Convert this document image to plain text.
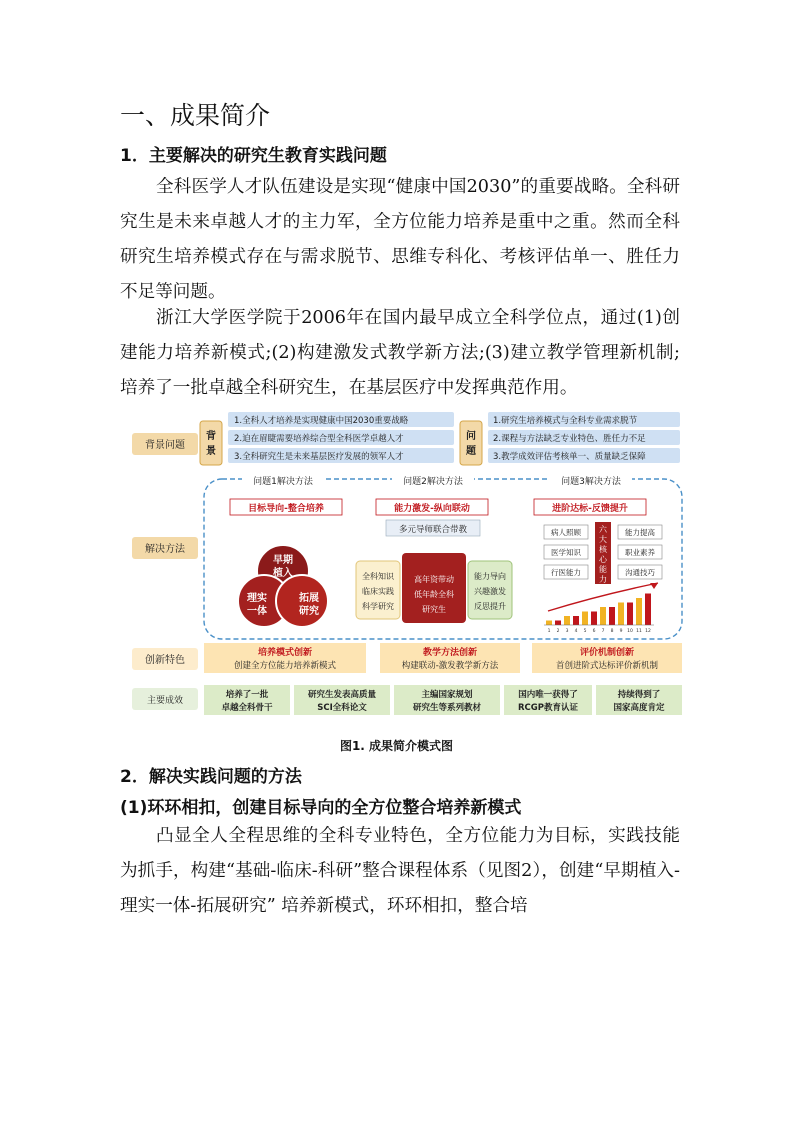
一、成果简介
1．主要解决的研究生教育实践问题
全科医学人才队伍建设是实现“健康中国2030”的重要战略。全科研究生是未来卓越人才的主力军，全方位能力培养是重中之重。然而全科研究生培养模式存在与需求脱节、思维专科化、考核评估单一、胜任力不足等问题。
浙江大学医学院于2006年在国内最早成立全科学位点，通过(1)创建能力培养新模式;(2)构建激发式教学新方法;(3)建立教学管理新机制;培养了一批卓越全科研究生，在基层医疗中发挥典范作用。
背景问题
解决方法
创新特色
主要成效
背
景
1.全科人才培养是实现健康中国2030重要战略
2.迫在眉睫需要培养综合型全科医学卓越人才
3.全科研究生是未来基层医疗发展的领军人才
问
题
1.研究生培养模式与全科专业需求脱节
2.课程与方法缺乏专业特色、胜任力不足
3.教学成效评估考核单一、质量缺乏保障
问题1解决方法	问题2解决方法	问题3解决方法
目标导向-整合培养
早期
植入
理实
一体
拓展
研究
能力激发-纵向联动
多元导师联合带教
全科知识
临床实践
科学研究
高年资带动
低年龄全科
研究生
能力导向
兴趣激发
反思提升
进阶达标-反馈提升
病人照顾
医学知识
行医能力
六
大
核
心
能
力
能力提高
职业素养
沟通技巧
1 2 3 4 5 6 7 8 9 10 11 12
培养模式创新
创建全方位能力培养新模式
教学方法创新
构建联动-激发教学新方法
评价机制创新
首创进阶式达标评价新机制
培养了一批
卓越全科骨干
研究生发表高质量
SCI全科论文
主编国家规划
研究生等系列教材
国内唯一获得了
RCGP教育认证
持续得到了
国家高度肯定
图1. 成果简介模式图
2．解决实践问题的方法
(1)环环相扣，创建目标导向的全方位整合培养新模式
凸显全人全程思维的全科专业特色，全方位能力为目标，实践技能为抓手，构建“基础-临床-科研”整合课程体系（见图2），创建“早期植入-理实一体-拓展研究” 培养新模式，环环相扣，整合培
